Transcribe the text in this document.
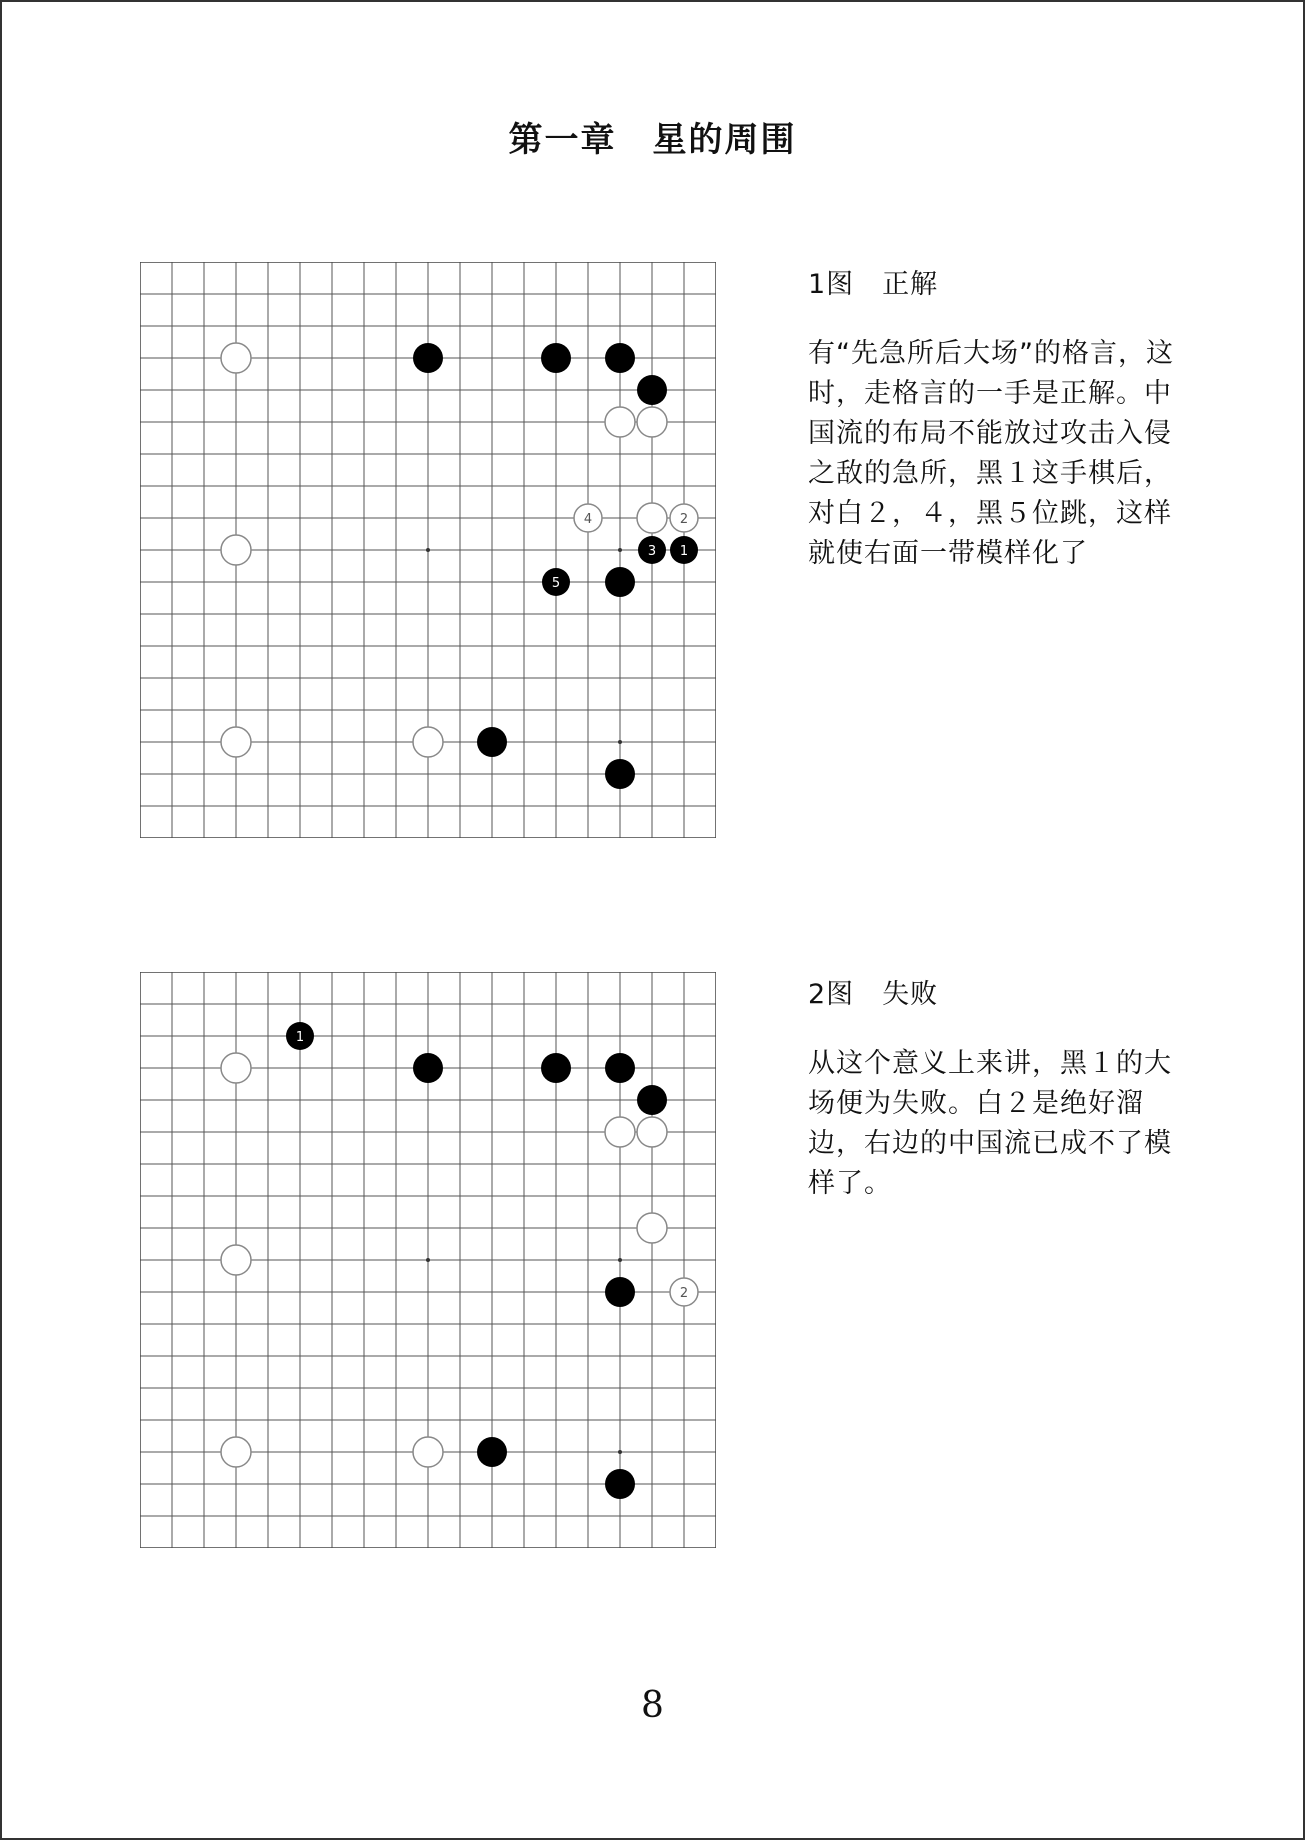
第一章　星的周围
4	2
3 1
5
1图　正解
有“先急所后大场”的格言，这时，走格言的一手是正解。中国流的布局不能放过攻击入侵之敌的急所，黑１这手棋后，对白２，４，黑５位跳，这样就使右面一带模样化了
1
2
2图　失败
从这个意义上来讲，黑１的大场便为失败。白２是绝好溜边，右边的中国流已成不了模样了。
8
